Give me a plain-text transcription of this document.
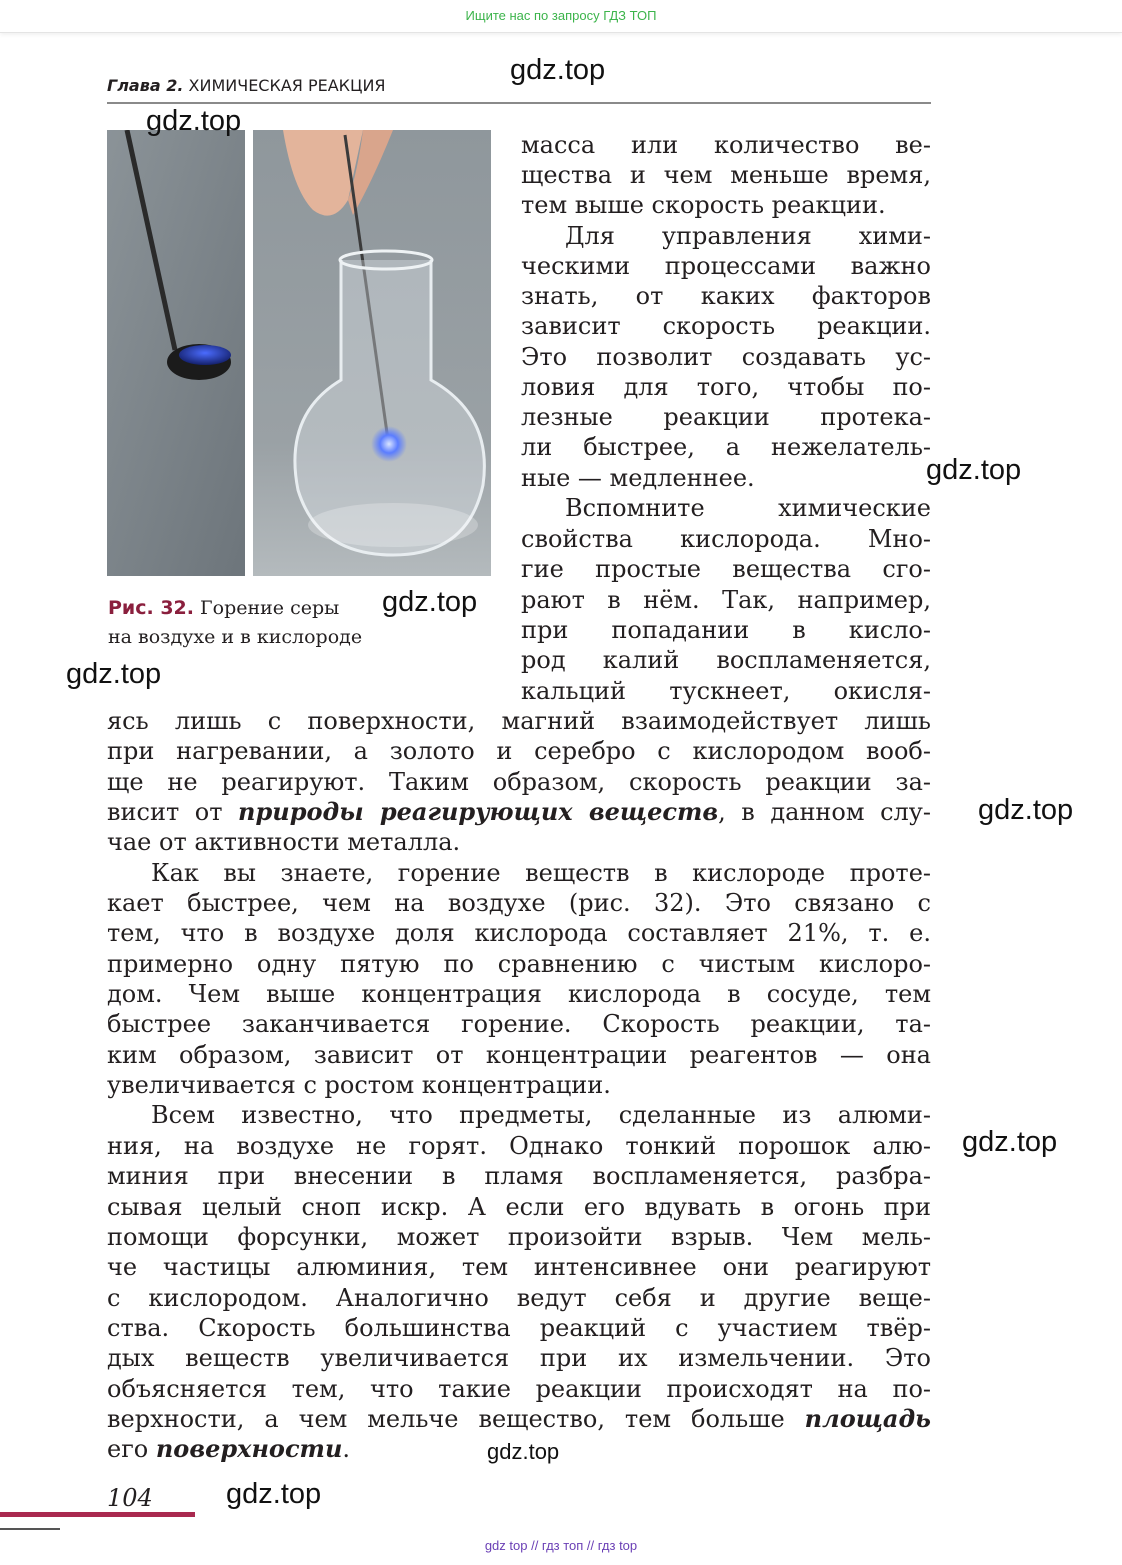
Ищите нас по запросу ГДЗ ТОП
Глава 2. ХИМИЧЕСКАЯ РЕАКЦИЯ
Рис. 32. Горение серы
на воздухе и в кислороде
масса или количество ве-
щества и чем меньше время,
тем выше скорость реакции.
Для управления хими-
ческими процессами важно
знать, от каких факторов
зависит скорость реакции.
Это позволит создавать ус-
ловия для того, чтобы по-
лезные реакции протека-
ли быстрее, а нежелатель-
ные — медленнее.
Вспомните химические
свойства кислорода. Мно-
гие простые вещества сго-
рают в нём. Так, например,
при попадании в кисло-
род калий воспламеняется,
кальций тускнеет, окисля-
ясь лишь с поверхности, магний взаимодействует лишь
при нагревании, а золото и серебро с кислородом вооб-
ще не реагируют. Таким образом, скорость реакции за-
висит от природы реагирующих веществ, в данном слу-
чае от активности металла.
Как вы знаете, горение веществ в кислороде проте-
кает быстрее, чем на воздухе (рис. 32). Это связано с
тем, что в воздухе доля кислорода составляет 21%, т. е.
примерно одну пятую по сравнению с чистым кислоро-
дом. Чем выше концентрация кислорода в сосуде, тем
быстрее заканчивается горение. Скорость реакции, та-
ким образом, зависит от концентрации реагентов — она
увеличивается с ростом концентрации.
Всем известно, что предметы, сделанные из алюми-
ния, на воздухе не горят. Однако тонкий порошок алю-
миния при внесении в пламя воспламеняется, разбра-
сывая целый сноп искр. А если его вдувать в огонь при
помощи форсунки, может произойти взрыв. Чем мель-
че частицы алюминия, тем интенсивнее они реагируют
с кислородом. Аналогично ведут себя и другие веще-
ства. Скорость большинства реакций с участием твёр-
дых веществ увеличивается при их измельчении. Это
объясняется тем, что такие реакции происходят на по-
верхности, а чем мельче вещество, тем больше площадь
его поверхности.
104
gdz.top
gdz.top
gdz.top
gdz.top
gdz.top
gdz.top
gdz.top
gdz.top
gdz.top
gdz top // гдз топ // гдз top
